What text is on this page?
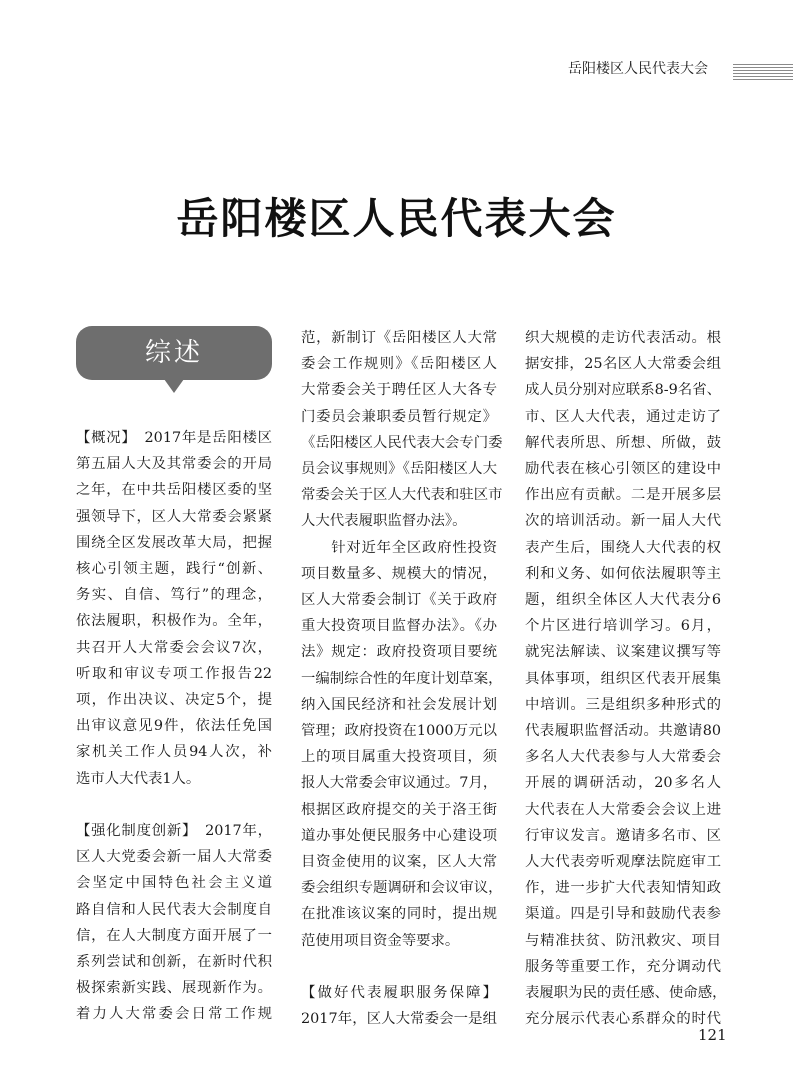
岳阳楼区人民代表大会
岳阳楼区人民代表大会
综述
【概况】　2017年是岳阳楼区
第五届人大及其常委会的开局
之年，在中共岳阳楼区委的坚
强领导下，区人大常委会紧紧
围绕全区发展改革大局，把握
核心引领主题，践行“创新、
务实、自信、笃行”的理念，
依法履职，积极作为。全年，
共召开人大常委会会议7次，
听取和审议专项工作报告22
项，作出决议、决定5个，提
出审议意见9件，依法任免国
家机关工作人员94人次，补
选市人大代表1人。
【强化制度创新】　2017年，
区人大党委会新一届人大常委
会坚定中国特色社会主义道
路自信和人民代表大会制度自
信，在人大制度方面开展了一
系列尝试和创新，在新时代积
极探索新实践、展现新作为。
着力人大常委会日常工作规
范，新制订《岳阳楼区人大常
委会工作规则》《岳阳楼区人
大常委会关于聘任区人大各专
门委员会兼职委员暂行规定》
《岳阳楼区人民代表大会专门委
员会议事规则》《岳阳楼区人大
常委会关于区人大代表和驻区市
人大代表履职监督办法》。
　　针对近年全区政府性投资
项目数量多、规模大的情况，
区人大常委会制订《关于政府
重大投资项目监督办法》。《办
法》规定：政府投资项目要统
一编制综合性的年度计划草案，
纳入国民经济和社会发展计划
管理；政府投资在1000万元以
上的项目属重大投资项目，须
报人大常委会审议通过。7月，
根据区政府提交的关于洛王街
道办事处便民服务中心建设项
目资金使用的议案，区人大常
委会组织专题调研和会议审议，
在批准该议案的同时，提出规
范使用项目资金等要求。
【做好代表履职服务保障】
2017年，区人大常委会一是组
织大规模的走访代表活动。根
据安排，25名区人大常委会组
成人员分别对应联系8-9名省、
市、区人大代表，通过走访了
解代表所思、所想、所做，鼓
励代表在核心引领区的建设中
作出应有贡献。二是开展多层
次的培训活动。新一届人大代
表产生后，围绕人大代表的权
利和义务、如何依法履职等主
题，组织全体区人大代表分6
个片区进行培训学习。6月，
就宪法解读、议案建议撰写等
具体事项，组织区代表开展集
中培训。三是组织多种形式的
代表履职监督活动。共邀请80
多名人大代表参与人大常委会
开展的调研活动，20多名人
大代表在人大常委会会议上进
行审议发言。邀请多名市、区
人大代表旁听观摩法院庭审工
作，进一步扩大代表知情知政
渠道。四是引导和鼓励代表参
与精准扶贫、防汛救灾、项目
服务等重要工作，充分调动代
表履职为民的责任感、使命感，
充分展示代表心系群众的时代
121
